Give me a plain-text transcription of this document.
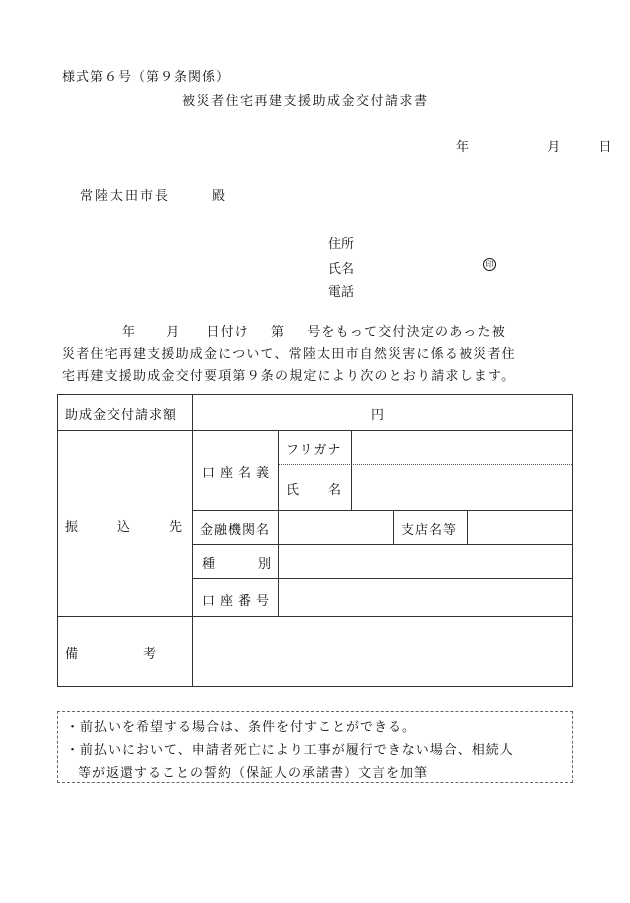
様式第６号（第９条関係）
被災者住宅再建支援助成金交付請求書
年	月	日
常陸太田市長	殿
住所
氏名	印
電話
年 月 日付け 第 号をもって交付決定のあった被
災者住宅再建支援助成金について、常陸太田市自然災害に係る被災者住
宅再建支援助成金交付要項第９条の規定により次のとおり請求します。
助成金交付請求額	円
振　　　込　　　先
口座名義
フリガナ
氏　　名
金融機関名	支店名等
種　　　別
口座番号
備　　　　　考
・前払いを希望する場合は、条件を付すことができる。
・前払いにおいて、申請者死亡により工事が履行できない場合、相続人
等が返還することの誓約（保証人の承諾書）文言を加筆
